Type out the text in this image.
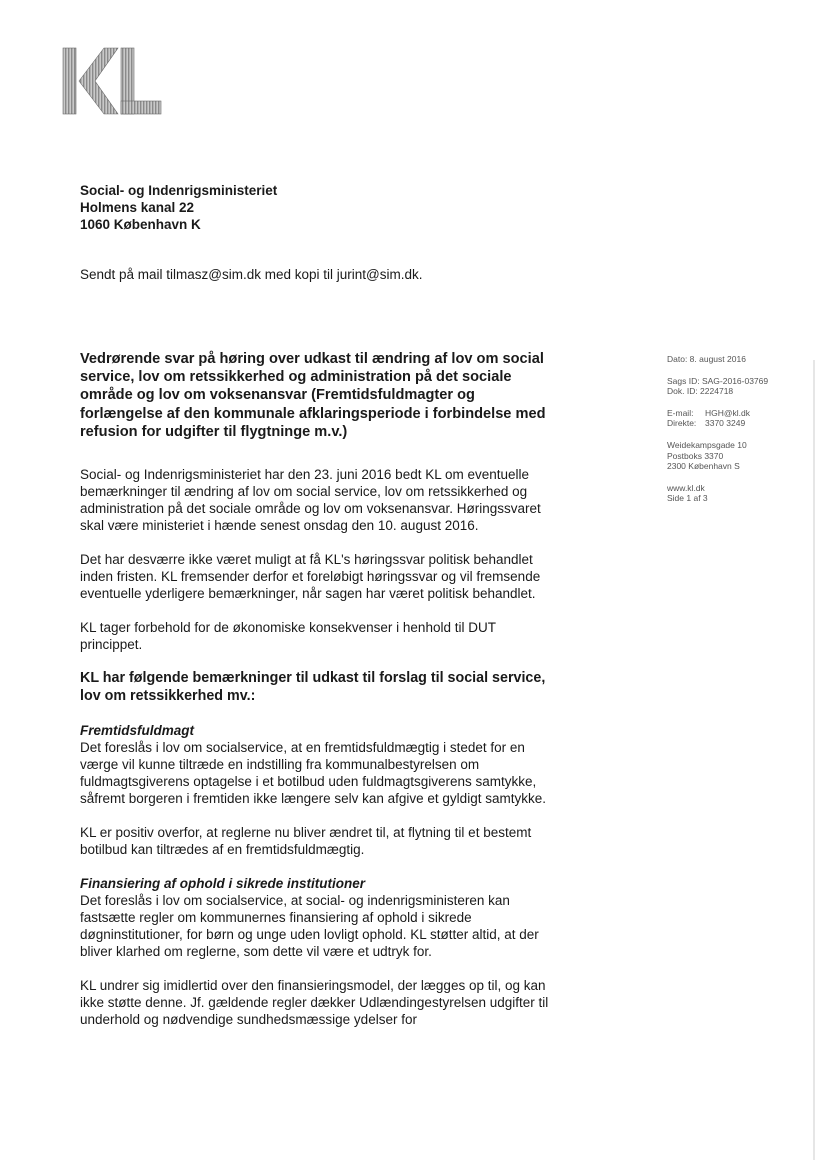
Social- og Indenrigsministeriet
Holmens kanal 22
1060 København K
Sendt på mail tilmasz@sim.dk med kopi til jurint@sim.dk.
Vedrørende svar på høring over udkast til ændring af lov om social service, lov om retssikkerhed og administration på det sociale område og lov om voksenansvar (Fremtidsfuldmagter og forlængelse af den kommunale afklaringsperiode i forbindelse med refusion for udgifter til flygtninge m.v.)

Social- og Indenrigsministeriet har den 23. juni 2016 bedt KL om eventuelle bemærkninger til ændring af lov om social service, lov om retssikkerhed og administration på det sociale område og lov om voksenansvar. Høringssvaret skal være ministeriet i hænde senest onsdag den 10. august 2016.

Det har desværre ikke været muligt at få KL's høringssvar politisk behandlet inden fristen. KL fremsender derfor et foreløbigt høringssvar og vil fremsende eventuelle yderligere bemærkninger, når sagen har været politisk behandlet.

KL tager forbehold for de økonomiske konsekvenser i henhold til DUT princippet.

KL har følgende bemærkninger til udkast til forslag til social service, lov om retssikkerhed mv.:

Fremtidsfuldmagt

Det foreslås i lov om socialservice, at en fremtidsfuldmægtig i stedet for en værge vil kunne tiltræde en indstilling fra kommunalbestyrelsen om fuldmagtsgiverens optagelse i et botilbud uden fuldmagtsgiverens samtykke, såfremt borgeren i fremtiden ikke længere selv kan afgive et gyldigt samtykke.

KL er positiv overfor, at reglerne nu bliver ændret til, at flytning til et bestemt botilbud kan tiltrædes af en fremtidsfuldmægtig.

Finansiering af ophold i sikrede institutioner

Det foreslås i lov om socialservice, at social- og indenrigsministeren kan fastsætte regler om kommunernes finansiering af ophold i sikrede døgninstitutioner, for børn og unge uden lovligt ophold. KL støtter altid, at der bliver klarhed om reglerne, som dette vil være et udtryk for.

KL undrer sig imidlertid over den finansieringsmodel, der lægges op til, og kan ikke støtte denne. Jf. gældende regler dækker Udlændingestyrelsen udgifter til underhold og nødvendige sundhedsmæssige ydelser for

Dato: 8. august 2016
Sags ID: SAG-2016-03769
Dok. ID: 2224718
E-mail: HGH@kl.dk
Direkte: 3370 3249
Weidekampsgade 10
Postboks 3370
2300 København S
www.kl.dk
Side 1 af 3
